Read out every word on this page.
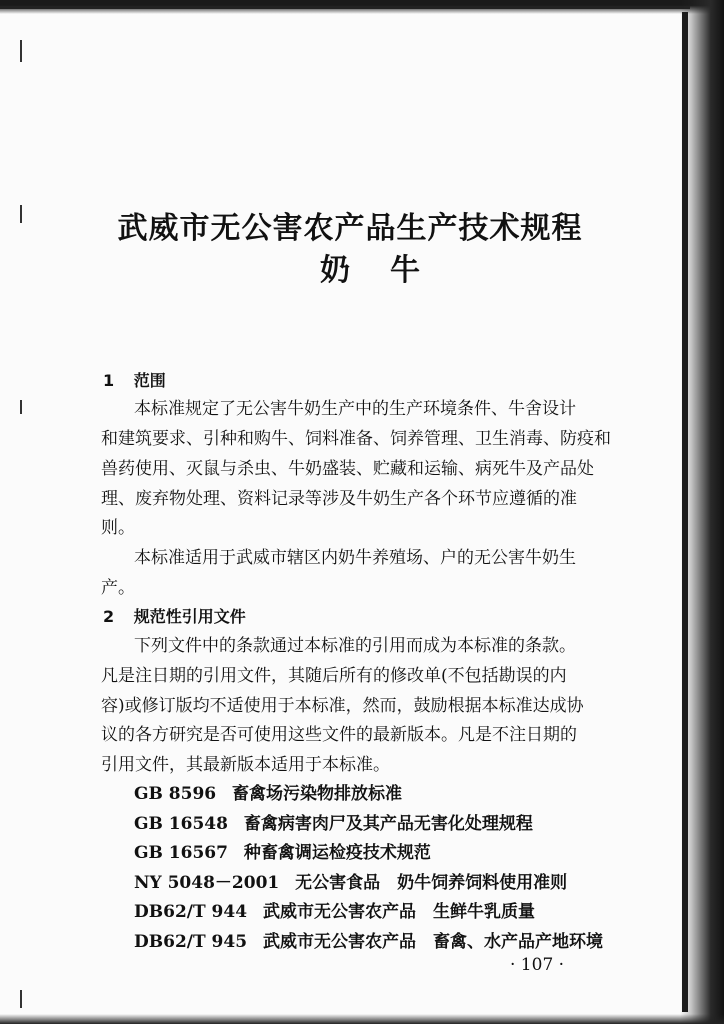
武威市无公害农产品生产技术规程
奶牛
1 范围
本标准规定了无公害牛奶生产中的生产环境条件、牛舍设计
和建筑要求、引种和购牛、饲料准备、饲养管理、卫生消毒、防疫和
兽药使用、灭鼠与杀虫、牛奶盛装、贮藏和运输、病死牛及产品处
理、废弃物处理、资料记录等涉及牛奶生产各个环节应遵循的准
则。
本标准适用于武威市辖区内奶牛养殖场、户的无公害牛奶生
产。
2 规范性引用文件
下列文件中的条款通过本标准的引用而成为本标准的条款。
凡是注日期的引用文件，其随后所有的修改单(不包括勘误的内
容)或修订版均不适使用于本标准，然而，鼓励根据本标准达成协
议的各方研究是否可使用这些文件的最新版本。凡是不注日期的
引用文件，其最新版本适用于本标准。
GB 8596 畜禽场污染物排放标准
GB 16548 畜禽病害肉尸及其产品无害化处理规程
GB 16567 种畜禽调运检疫技术规范
NY 5048－2001 无公害食品　奶牛饲养饲料使用准则
DB62/T 944 武威市无公害农产品　生鲜牛乳质量
DB62/T 945 武威市无公害农产品　畜禽、水产品产地环境
· 107 ·
